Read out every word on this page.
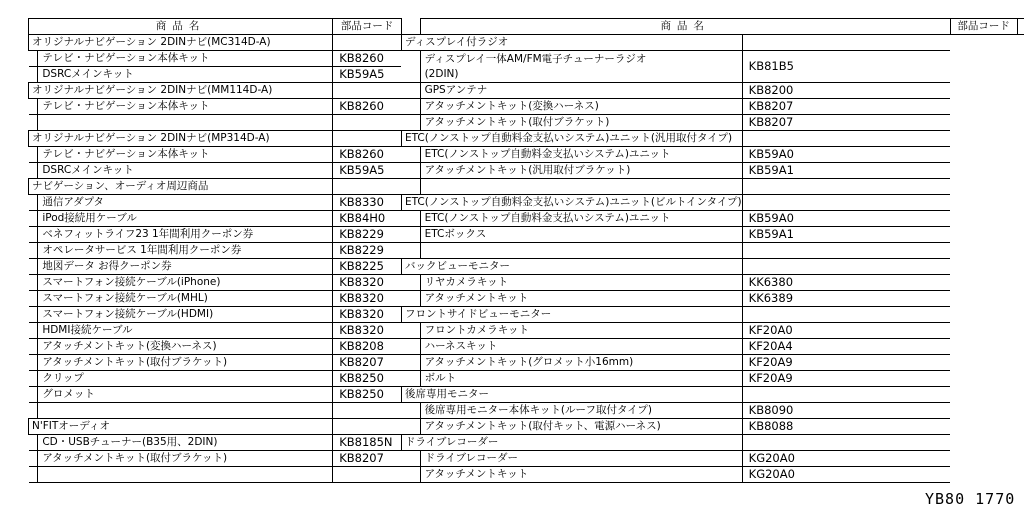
商品名		部品コード		商品名		部品コード	
オリジナルナビゲーション 2DINナビ(MC314D-A)			ディスプレイ付ラジオ				
	テレビ・ナビゲーション本体キット	KB8260		ディスプレイ一体AM/FM電子チューナーラジオ
(2DIN)	KB81B5		
	DSRCメインキット	KB59A5					
オリジナルナビゲーション 2DINナビ(MM114D-A)				GPSアンテナ	KB8200		
	テレビ・ナビゲーション本体キット	KB8260		アタッチメントキット(変換ハーネス)	KB8207		
				アタッチメントキット(取付ブラケット)	KB8207		
オリジナルナビゲーション 2DINナビ(MP314D-A)			ETC(ノンストップ自動料金支払いシステム)ユニット(汎用取付タイプ)				
	テレビ・ナビゲーション本体キット	KB8260		ETC(ノンストップ自動料金支払いシステム)ユニット	KB59A0		
	DSRCメインキット	KB59A5		アタッチメントキット(汎用取付ブラケット)	KB59A1		
ナビゲーション、オーディオ周辺商品							
	通信アダプタ	KB8330	ETC(ノンストップ自動料金支払いシステム)ユニット(ビルトインタイプ)				
	iPod接続用ケーブル	KB84H0		ETC(ノンストップ自動料金支払いシステム)ユニット	KB59A0		
	ベネフィットライフ23 1年間利用クーポン券	KB8229		ETCボックス	KB59A1		
	オペレータサービス 1年間利用クーポン券	KB8229					
	地図データ お得クーポン券	KB8225	バックビューモニター				
	スマートフォン接続ケーブル(iPhone)	KB8320		リヤカメラキット	KK6380		
	スマートフォン接続ケーブル(MHL)	KB8320		アタッチメントキット	KK6389		
	スマートフォン接続ケーブル(HDMI)	KB8320	フロントサイドビューモニター				
	HDMI接続ケーブル	KB8320		フロントカメラキット	KF20A0		
	アタッチメントキット(変換ハーネス)	KB8208		ハーネスキット	KF20A4		
	アタッチメントキット(取付ブラケット)	KB8207		アタッチメントキット(グロメット小16mm)	KF20A9		
	クリップ	KB8250		ボルト	KF20A9		
	グロメット	KB8250	後席専用モニター				
				後席専用モニター本体キット(ルーフ取付タイプ)	KB8090		
N'FITオーディオ				アタッチメントキット(取付キット、電源ハーネス)	KB8088		
	CD・USBチューナー(B35用、2DIN)	KB8185N	ドライブレコーダー				
	アタッチメントキット(取付ブラケット)	KB8207		ドライブレコーダー	KG20A0		
				アタッチメントキット	KG20A0		
YB80 1770
